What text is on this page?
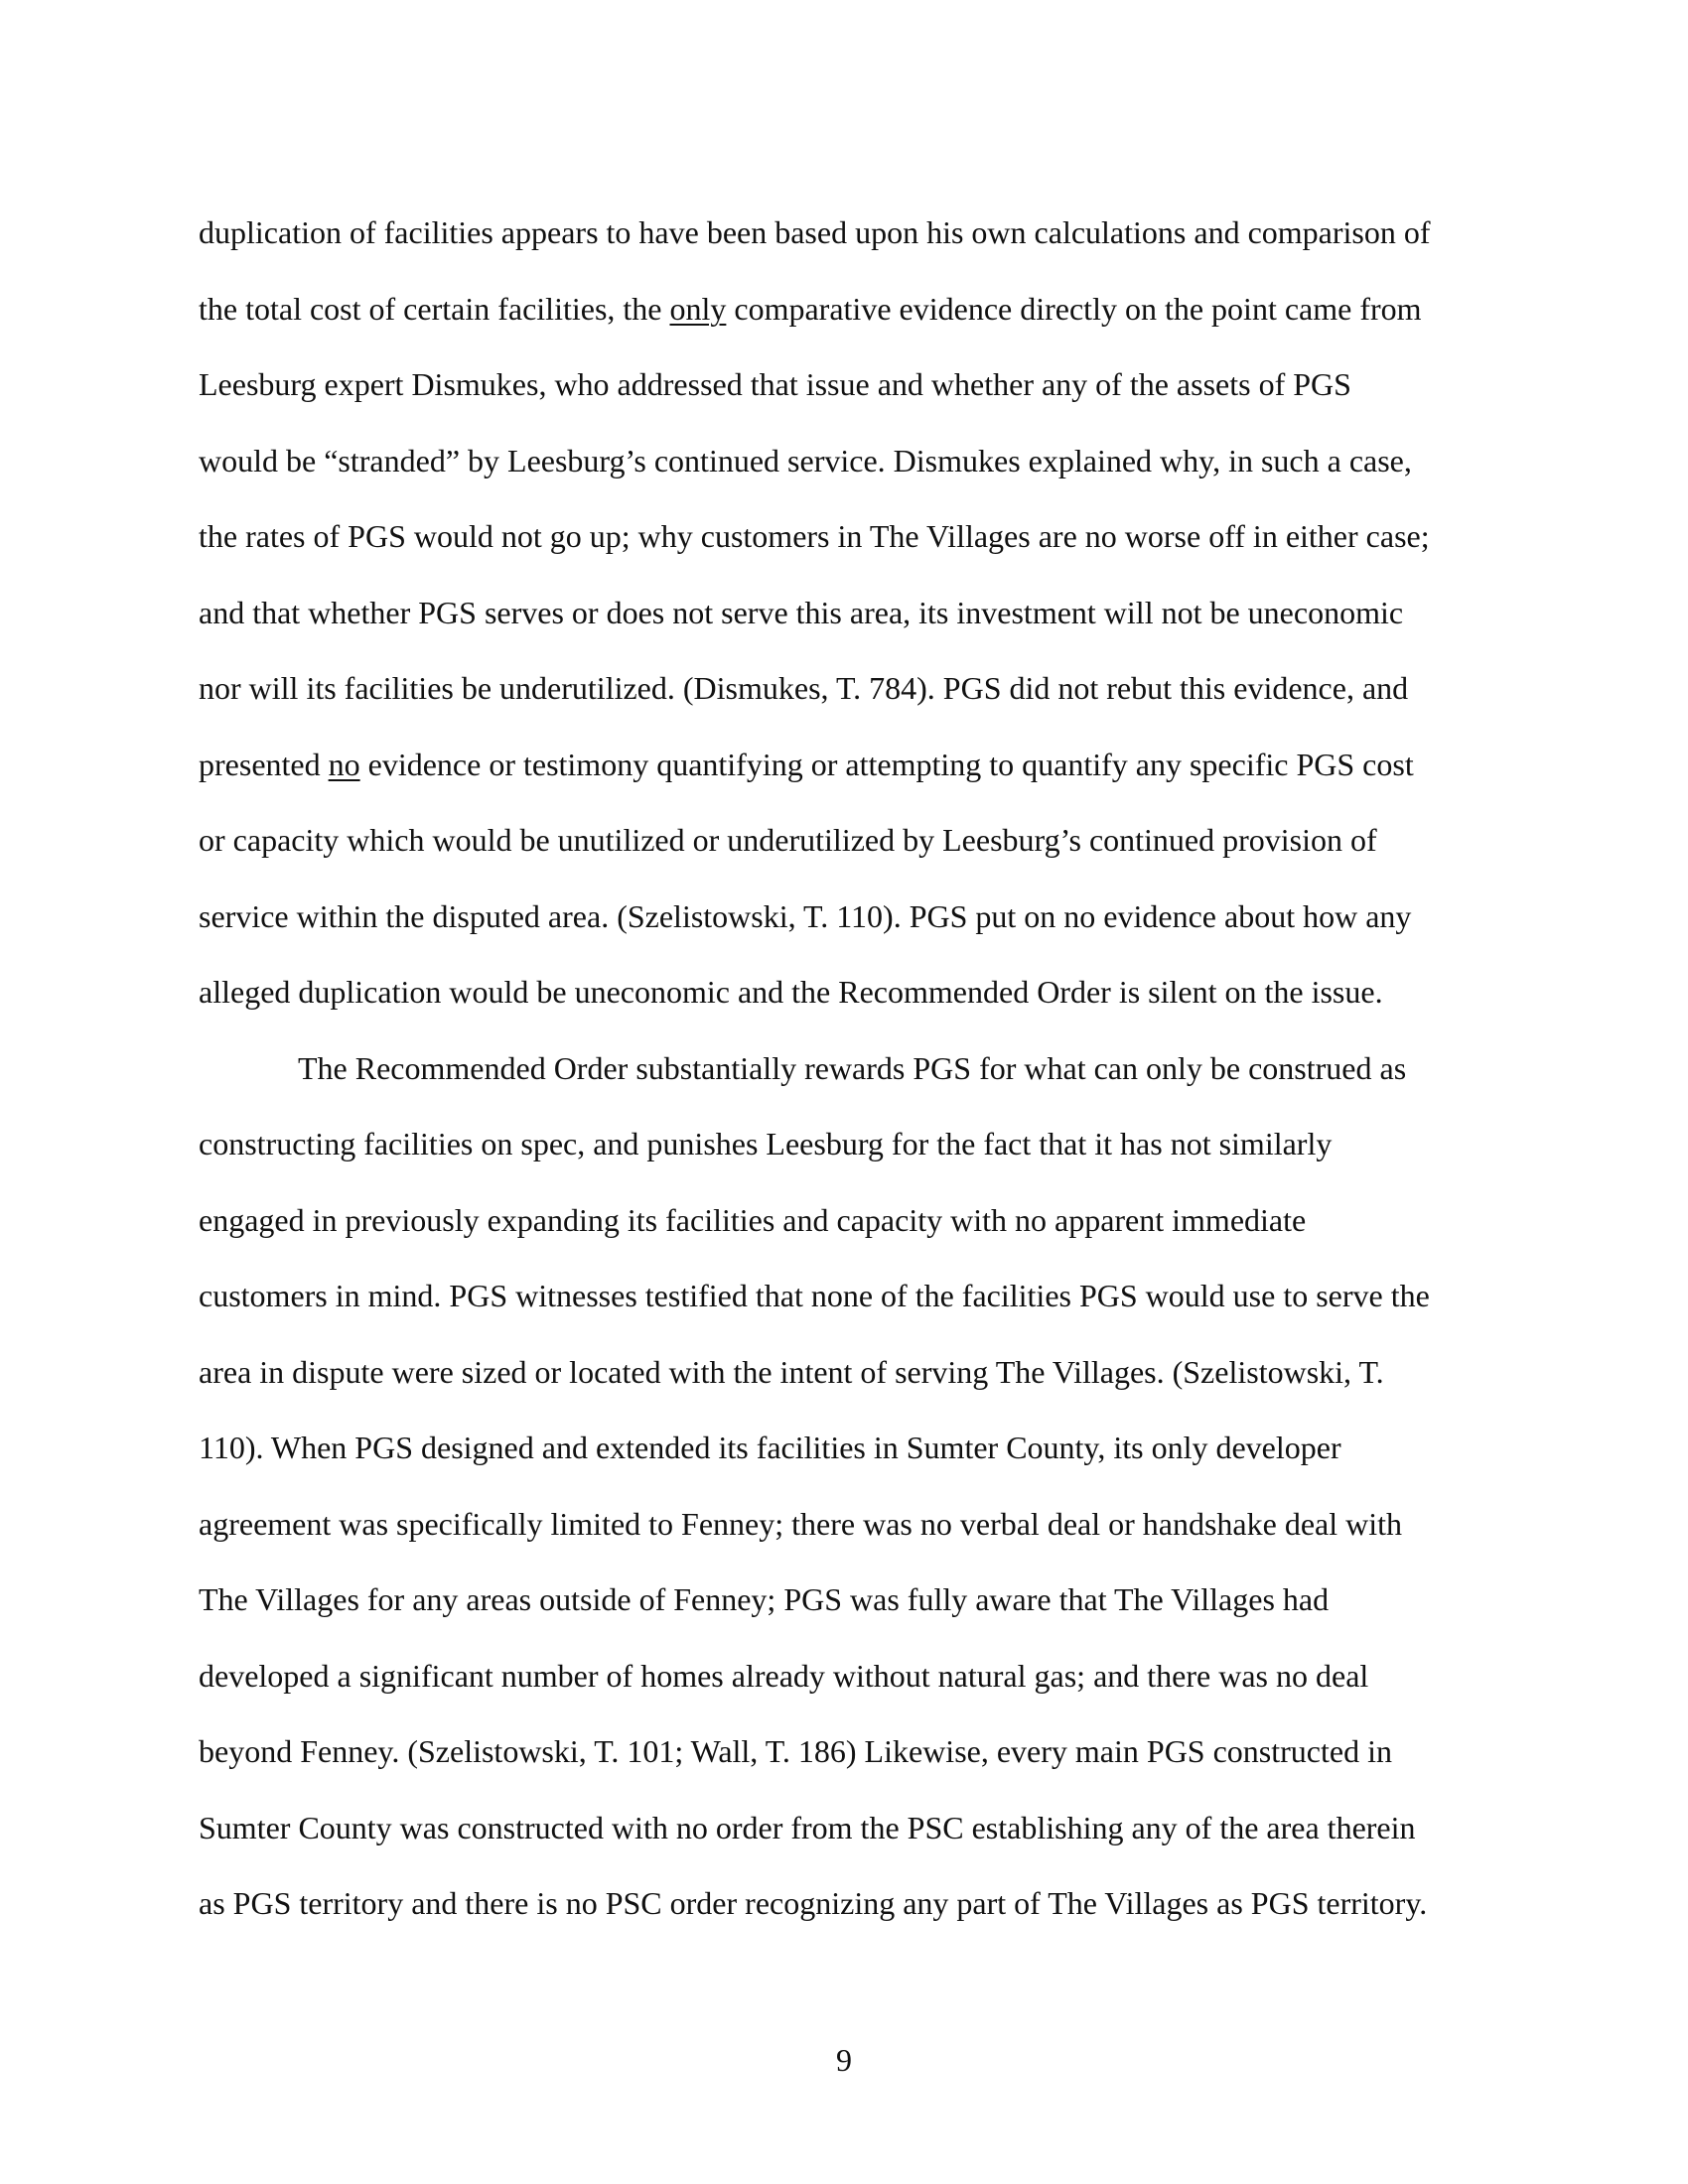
duplication of facilities appears to have been based upon his own calculations and comparison of
the total cost of certain facilities, the only comparative evidence directly on the point came from
Leesburg expert Dismukes, who addressed that issue and whether any of the assets of PGS
would be “stranded” by Leesburg’s continued service. Dismukes explained why, in such a case,
the rates of PGS would not go up; why customers in The Villages are no worse off in either case;
and that whether PGS serves or does not serve this area, its investment will not be uneconomic
nor will its facilities be underutilized. (Dismukes, T. 784). PGS did not rebut this evidence, and
presented no evidence or testimony quantifying or attempting to quantify any specific PGS cost
or capacity which would be unutilized or underutilized by Leesburg’s continued provision of
service within the disputed area. (Szelistowski, T. 110). PGS put on no evidence about how any
alleged duplication would be uneconomic and the Recommended Order is silent on the issue.
The Recommended Order substantially rewards PGS for what can only be construed as
constructing facilities on spec, and punishes Leesburg for the fact that it has not similarly
engaged in previously expanding its facilities and capacity with no apparent immediate
customers in mind. PGS witnesses testified that none of the facilities PGS would use to serve the
area in dispute were sized or located with the intent of serving The Villages. (Szelistowski, T.
110). When PGS designed and extended its facilities in Sumter County, its only developer
agreement was specifically limited to Fenney; there was no verbal deal or handshake deal with
The Villages for any areas outside of Fenney; PGS was fully aware that The Villages had
developed a significant number of homes already without natural gas; and there was no deal
beyond Fenney. (Szelistowski, T. 101; Wall, T. 186) Likewise, every main PGS constructed in
Sumter County was constructed with no order from the PSC establishing any of the area therein
as PGS territory and there is no PSC order recognizing any part of The Villages as PGS territory.
9
